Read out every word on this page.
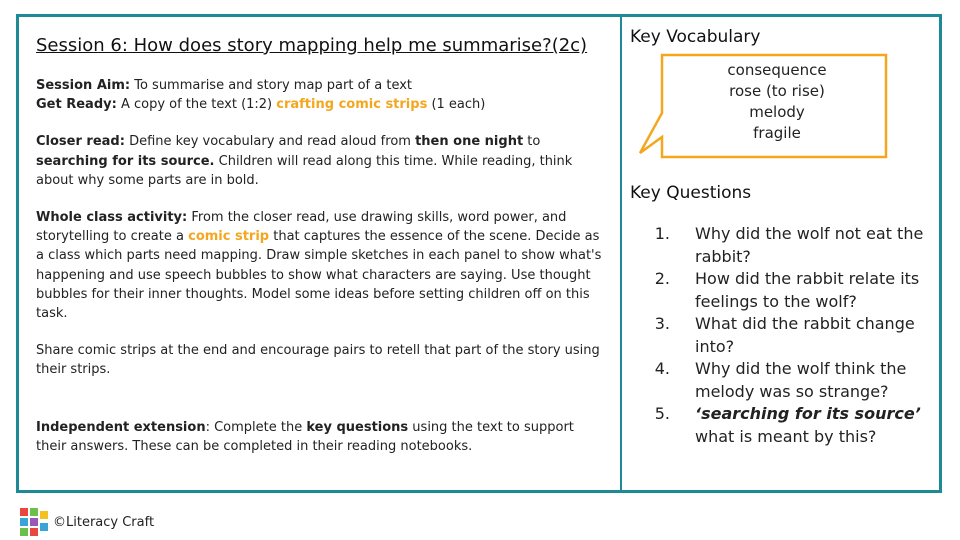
Session 6: How does story mapping help me summarise?(2c)
Session Aim: To summarise and story map part of a text
Get Ready: A copy of the text (1:2) crafting comic strips (1 each)
Closer read: Define key vocabulary and read aloud from then one night to searching for its source. Children will read along this time. While reading, think about why some parts are in bold.
Whole class activity: From the closer read, use drawing skills, word power, and storytelling to create a comic strip that captures the essence of the scene. Decide as a class which parts need mapping. Draw simple sketches in each panel to show what's happening and use speech bubbles to show what characters are saying. Use thought bubbles for their inner thoughts. Model some ideas before setting children off on this task.
Share comic strips at the end and encourage pairs to retell that part of the story using their strips.
Independent extension: Complete the key questions using the text to support their answers. These can be completed in their reading notebooks.
Key Vocabulary
consequence
rose (to rise)
melody
fragile
Key Questions
1.	Why did the wolf not eat the rabbit?
2.	How did the rabbit relate its feelings to the wolf?
3.	What did the rabbit change into?
4.	Why did the wolf think the melody was so strange?
5.	‘searching for its source’ what is meant by this?
©Literacy Craft
